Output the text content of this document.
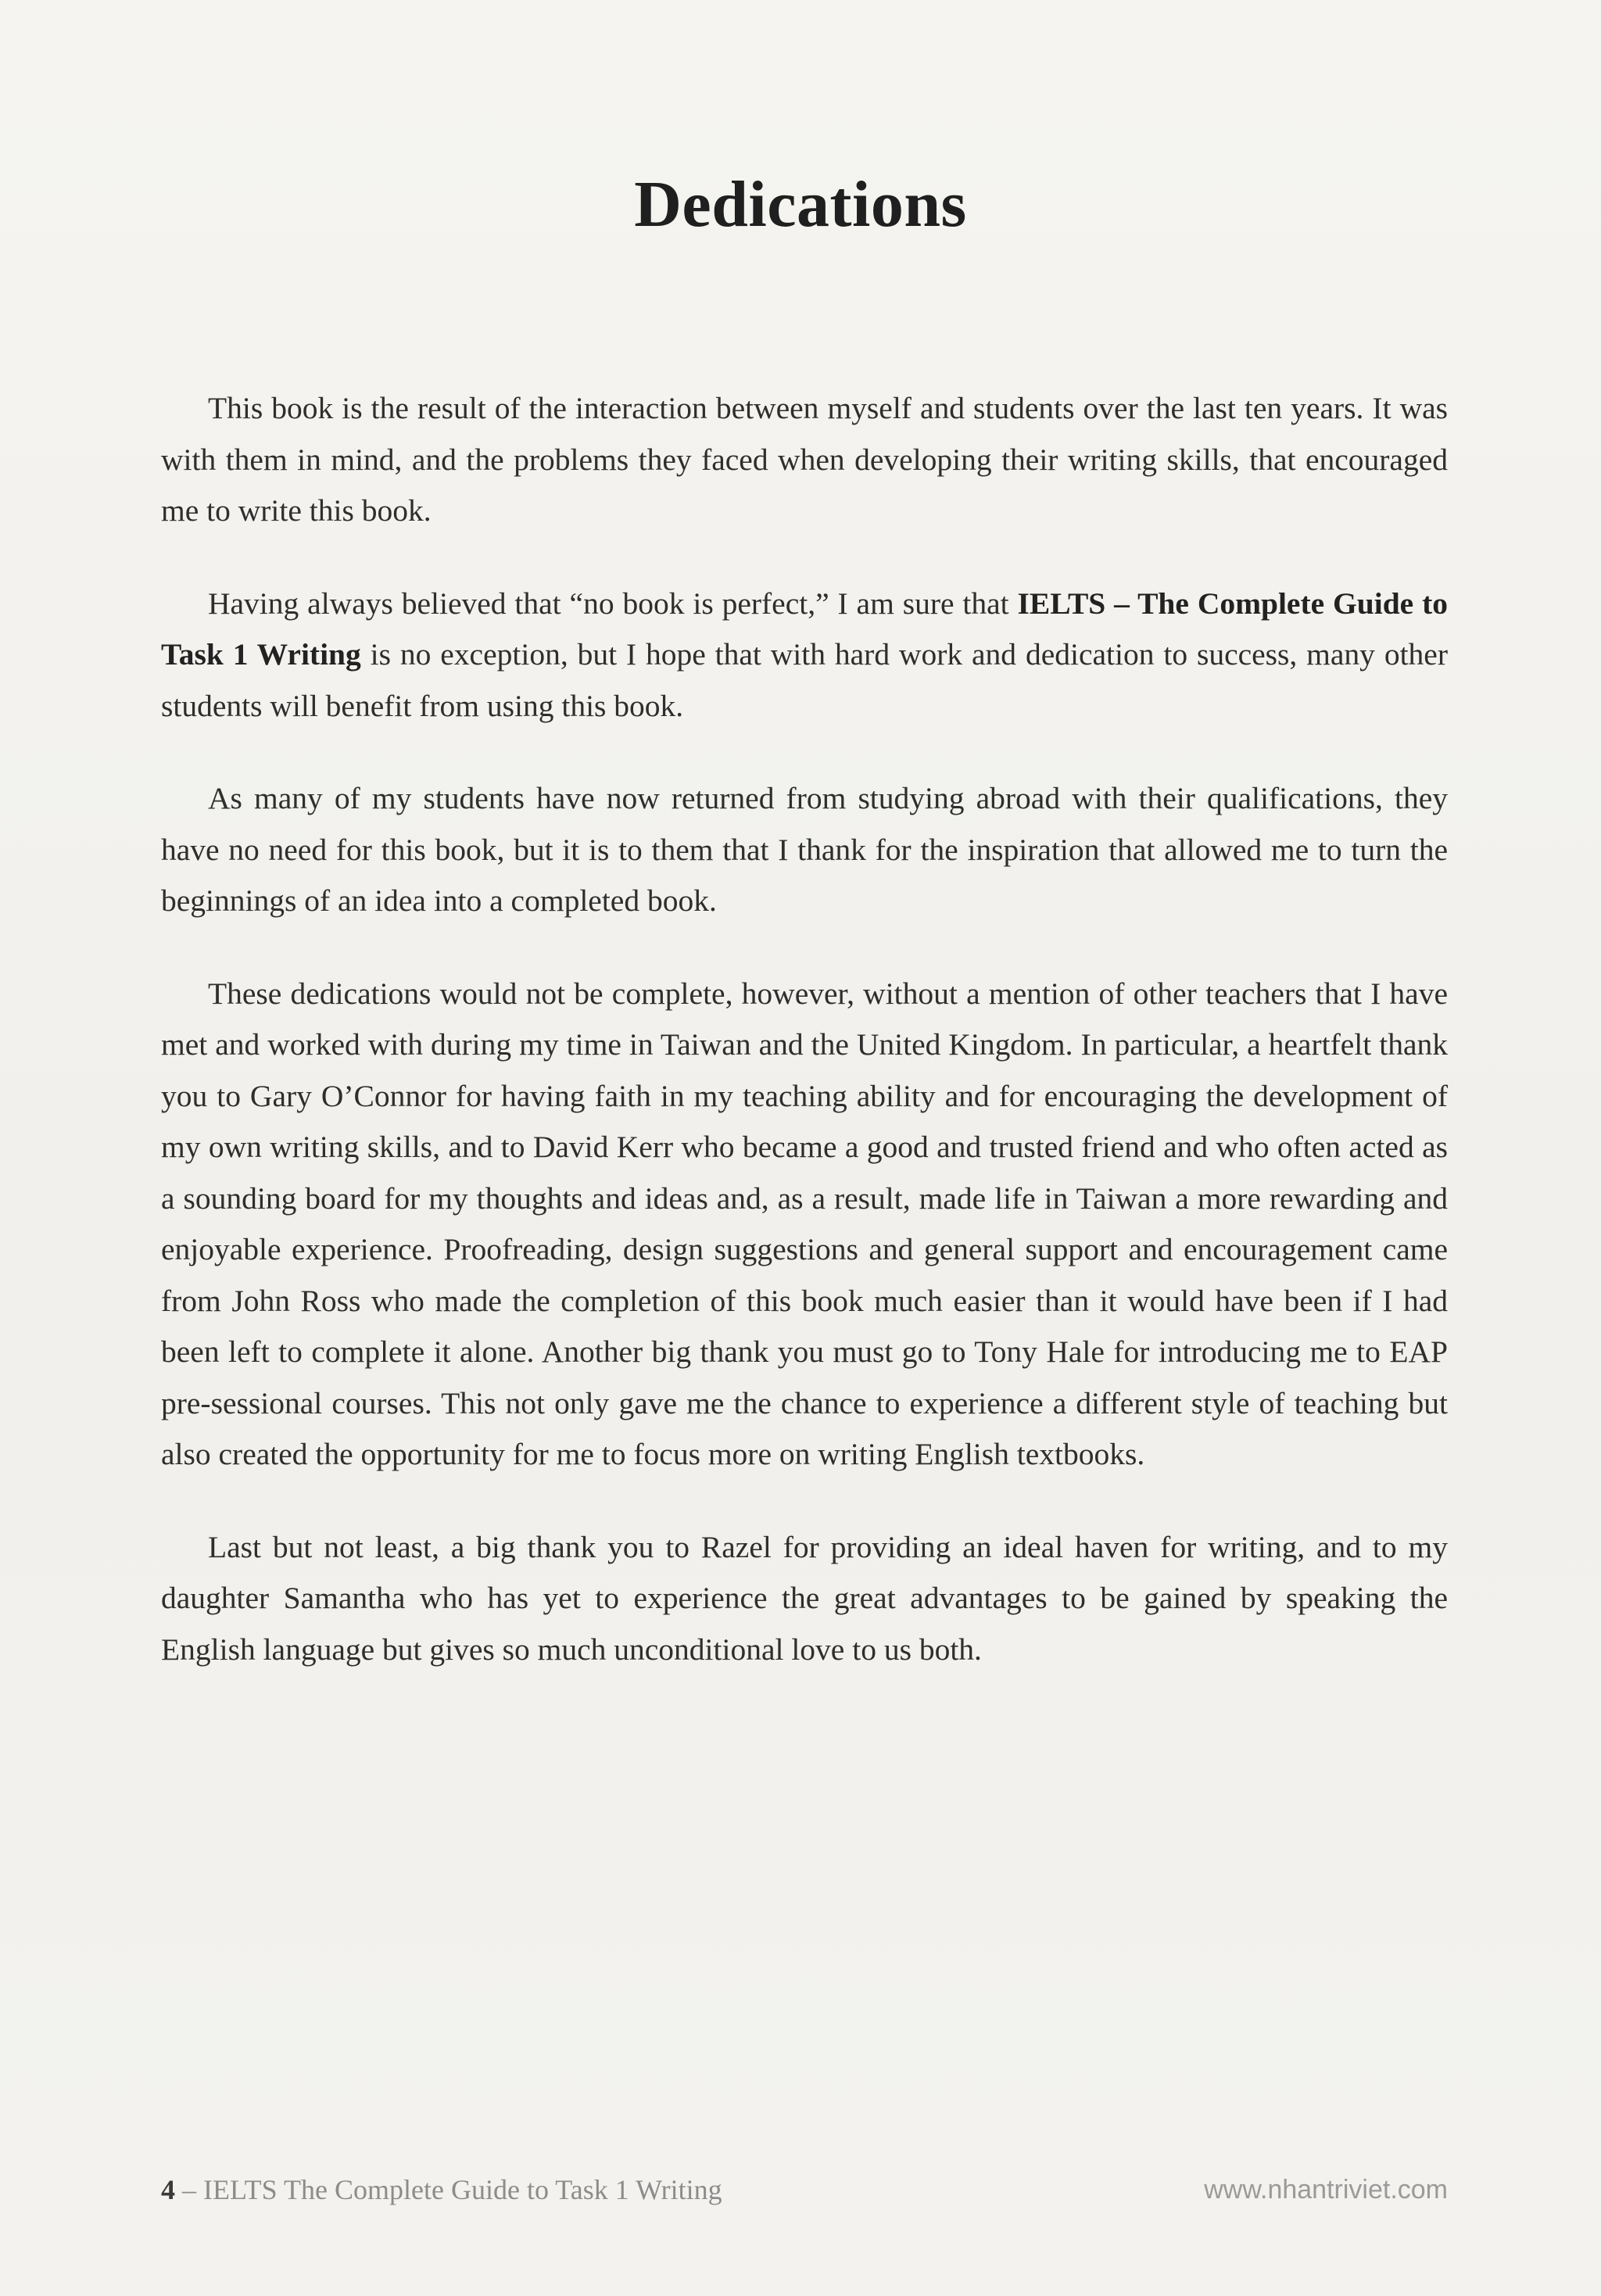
Dedications

This book is the result of the interaction between myself and students over the last ten years. It was with them in mind, and the problems they faced when developing their writing skills, that encouraged me to write this book.

Having always believed that “no book is perfect,” I am sure that IELTS – The Complete Guide to Task 1 Writing is no exception, but I hope that with hard work and dedication to success, many other students will benefit from using this book.

As many of my students have now returned from studying abroad with their qualifications, they have no need for this book, but it is to them that I thank for the inspiration that allowed me to turn the beginnings of an idea into a completed book.

These dedications would not be complete, however, without a mention of other teachers that I have met and worked with during my time in Taiwan and the United Kingdom. In particular, a heartfelt thank you to Gary O’Connor for having faith in my teaching ability and for encouraging the development of my own writing skills, and to David Kerr who became a good and trusted friend and who often acted as a sounding board for my thoughts and ideas and, as a result, made life in Taiwan a more rewarding and enjoyable experience. Proofreading, design suggestions and general support and encouragement came from John Ross who made the completion of this book much easier than it would have been if I had been left to complete it alone. Another big thank you must go to Tony Hale for introducing me to EAP pre-sessional courses. This not only gave me the chance to experience a different style of teaching but also created the opportunity for me to focus more on writing English textbooks.

Last but not least, a big thank you to Razel for providing an ideal haven for writing, and to my daughter Samantha who has yet to experience the great advantages to be gained by speaking the English language but gives so much unconditional love to us both.

4 – IELTS The Complete Guide to Task 1 Writing	www.nhantriviet.com
